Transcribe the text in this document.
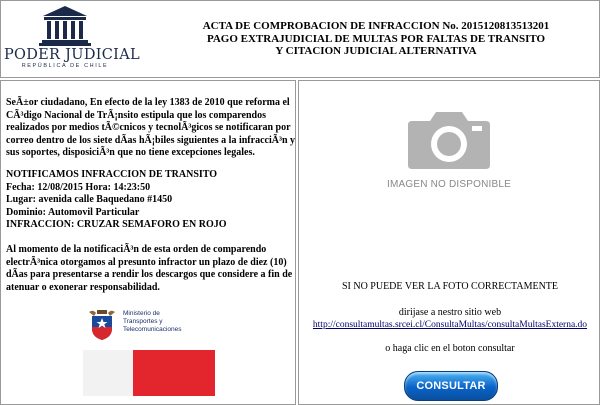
PODER JUDICIAL
REPÚBLICA DE CHILE
ACTA DE COMPROBACION DE INFRACCION No. 2015120813513201
PAGO EXTRAJUDICIAL DE MULTAS POR FALTAS DE TRANSITO
Y CITACION JUDICIAL ALTERNATIVA
SeÃ±or ciudadano, En efecto de la ley 1383 de 2010 que reforma el CÃ³digo Nacional de TrÃ¡nsito estipula que los comparendos realizados por medios tÃ©cnicos y tecnolÃ³gicos se notificaran por correo dentro de los siete dÃas hÃ¡biles siguientes a la infracciÃ³n y sus soportes, disposiciÃ³n que no tiene excepciones legales.
NOTIFICAMOS INFRACCION DE TRANSITO
Fecha: 12/08/2015 Hora: 14:23:50
Lugar: avenida calle Baquedano #1450
Dominio: Automovil Particular
INFRACCION: CRUZAR SEMAFORO EN ROJO
Al momento de la notificaciÃ³n de esta orden de comparendo electrÃ³nica otorgamos al presunto infractor un plazo de diez (10) dÃas para presentarse a rendir los descargos que considere a fin de atenuar o exonerar responsabilidad.
Ministerio de
Transportes y
Telecomunicaciones
IMAGEN NO DISPONIBLE
SI NO PUEDE VER LA FOTO CORRECTAMENTE
dirijase a nestro sitio web
http://consultamultas.srcei.cl/ConsultaMultas/consultaMultasExterna.do
o haga clic en el boton consultar
CONSULTAR
